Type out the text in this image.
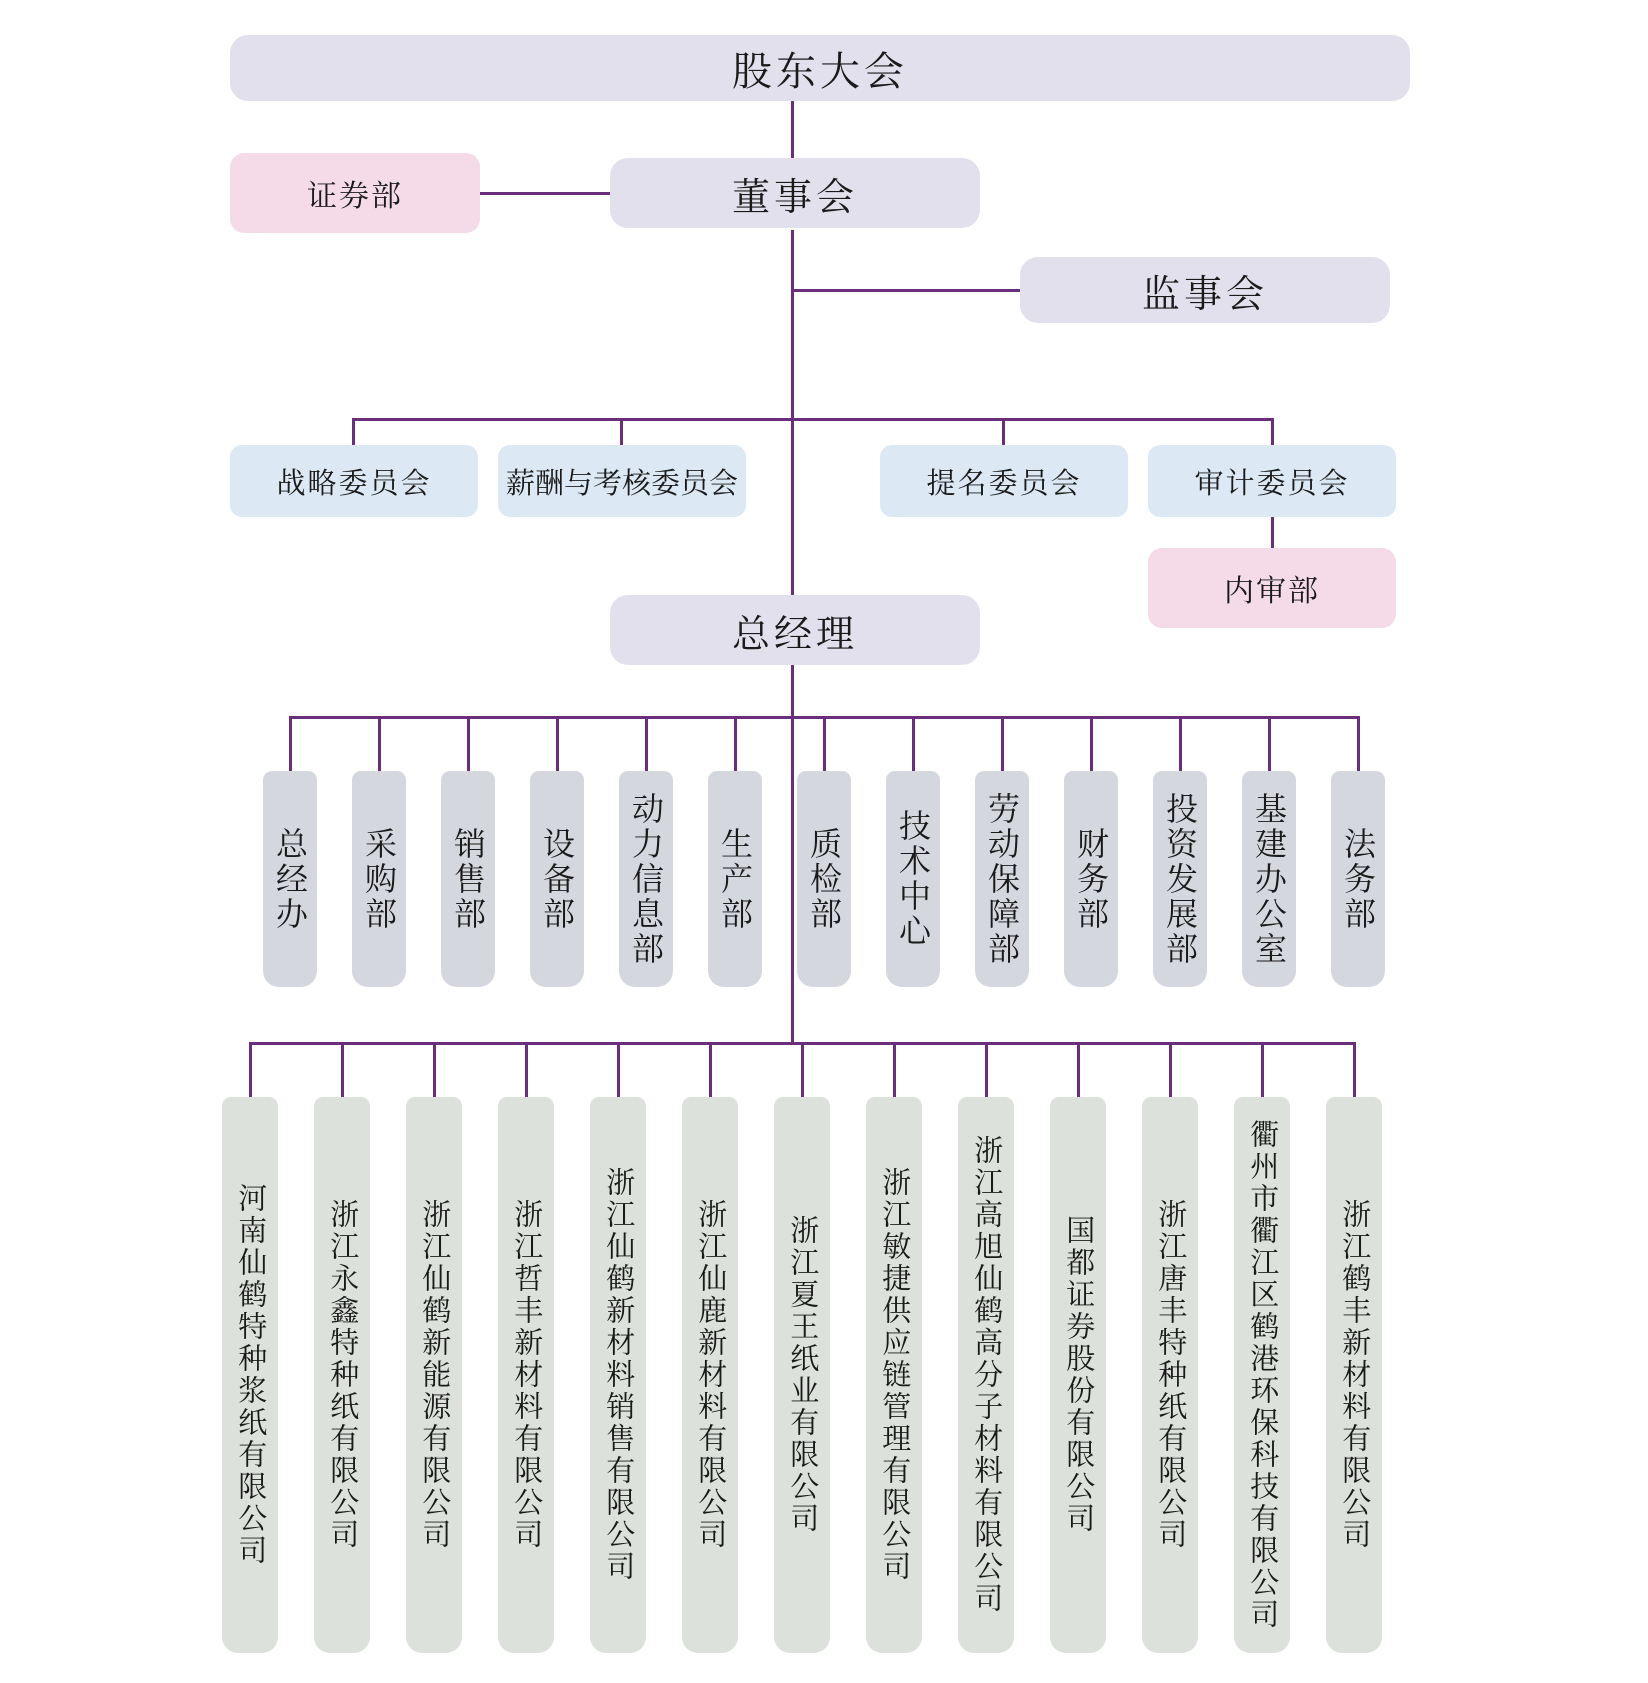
股东大会
证券部	董事会
监事会
战略委员会	薪酬与考核委员会	提名委员会	审计委员会
内审部
总经理
总经办 采购部 销售部 设备部 动力信息部 生产部 质检部 技术中心 劳动保障部 财务部 投资发展部 基建办公室 法务部
河南仙鹤特种浆纸有限公司 浙江永鑫特种纸有限公司 浙江仙鹤新能源有限公司 浙江哲丰新材料有限公司 浙江仙鹤新材料销售有限公司 浙江仙鹿新材料有限公司 浙江夏王纸业有限公司 浙江敏捷供应链管理有限公司 浙江高旭仙鹤高分子材料有限公司 国都证券股份有限公司 浙江唐丰特种纸有限公司 衢州市衢江区鹤港环保科技有限公司 浙江鹤丰新材料有限公司
